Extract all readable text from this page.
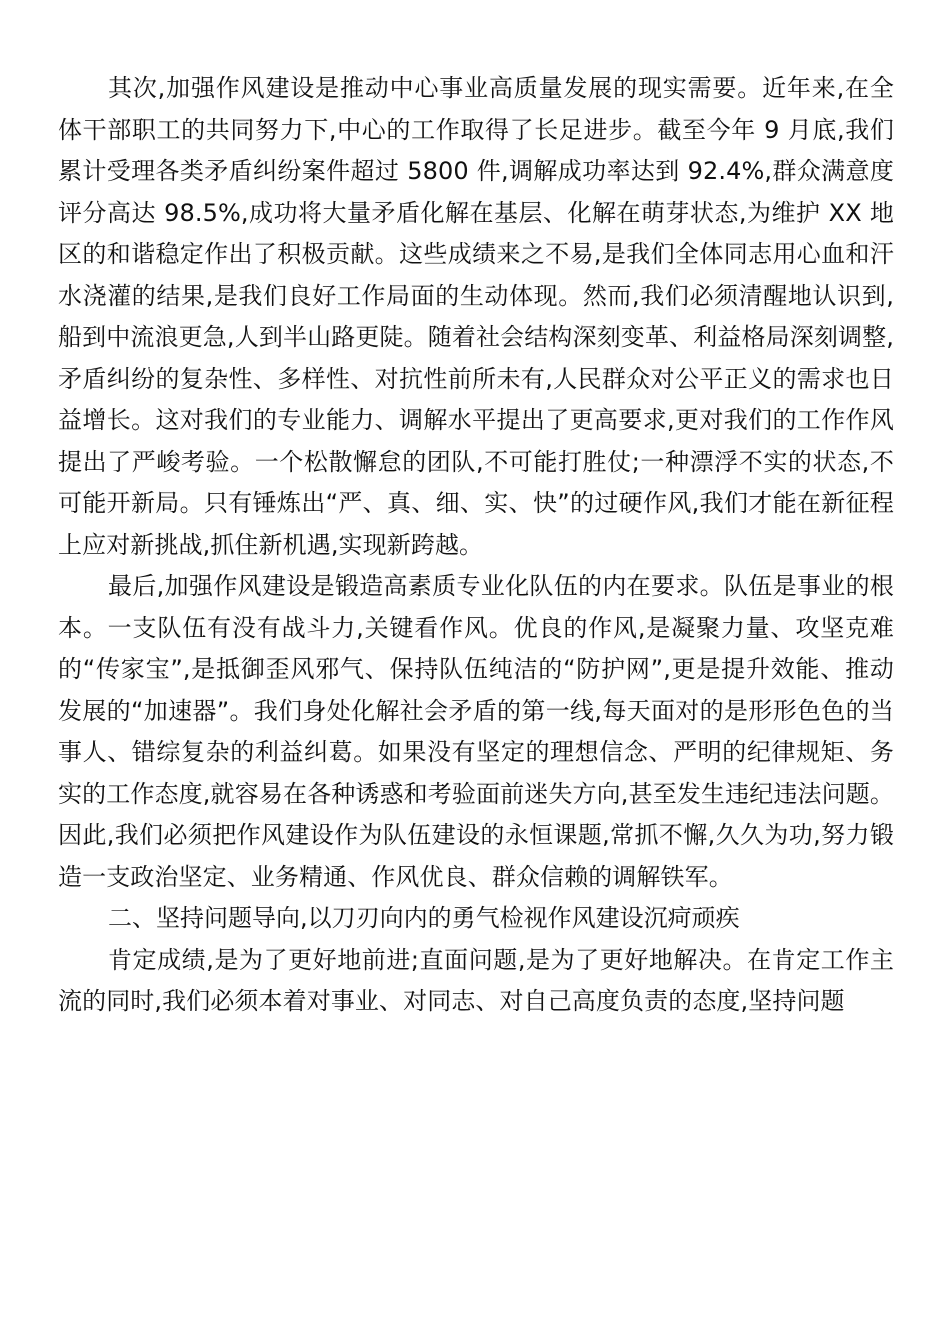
其次,加强作风建设是推动中心事业高质量发展的现实需要。近年来,在全体干部职工的共同努力下,中心的工作取得了长足进步。截至今年 9 月底,我们累计受理各类矛盾纠纷案件超过 5800 件,调解成功率达到 92.4%,群众满意度评分高达 98.5%,成功将大量矛盾化解在基层、化解在萌芽状态,为维护 XX 地区的和谐稳定作出了积极贡献。这些成绩来之不易,是我们全体同志用心血和汗水浇灌的结果,是我们良好工作局面的生动体现。然而,我们必须清醒地认识到,船到中流浪更急,人到半山路更陡。随着社会结构深刻变革、利益格局深刻调整,矛盾纠纷的复杂性、多样性、对抗性前所未有,人民群众对公平正义的需求也日益增长。这对我们的专业能力、调解水平提出了更高要求,更对我们的工作作风提出了严峻考验。一个松散懈怠的团队,不可能打胜仗;一种漂浮不实的状态,不可能开新局。只有锤炼出“严、真、细、实、快”的过硬作风,我们才能在新征程上应对新挑战,抓住新机遇,实现新跨越。

最后,加强作风建设是锻造高素质专业化队伍的内在要求。队伍是事业的根本。一支队伍有没有战斗力,关键看作风。优良的作风,是凝聚力量、攻坚克难的“传家宝”,是抵御歪风邪气、保持队伍纯洁的“防护网”,更是提升效能、推动发展的“加速器”。我们身处化解社会矛盾的第一线,每天面对的是形形色色的当事人、错综复杂的利益纠葛。如果没有坚定的理想信念、严明的纪律规矩、务实的工作态度,就容易在各种诱惑和考验面前迷失方向,甚至发生违纪违法问题。因此,我们必须把作风建设作为队伍建设的永恒课题,常抓不懈,久久为功,努力锻造一支政治坚定、业务精通、作风优良、群众信赖的调解铁军。

二、坚持问题导向,以刀刃向内的勇气检视作风建设沉疴顽疾

肯定成绩,是为了更好地前进;直面问题,是为了更好地解决。在肯定工作主流的同时,我们必须本着对事业、对同志、对自己高度负责的态度,坚持问题
